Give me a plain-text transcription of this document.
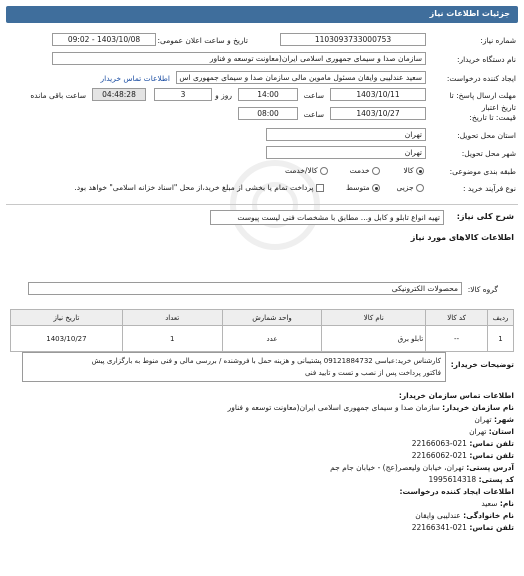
جزئیات اطلاعات نیاز
شماره نیاز:
1103093733000753
تاریخ و ساعت اعلان عمومی:
1403/10/08 - 09:02
نام دستگاه خریدار:
سازمان صدا و سیمای جمهوری اسلامی ایران(معاونت توسعه و فناور
ایجاد کننده درخواست:
سعید عندلیبی وایقان مسئول ماموین مالی سازمان صدا و سیمای جمهوری اس
اطلاعات تماس خریدار
مهلت ارسال پاسخ: تا
1403/10/11
ساعت
14:00
3	روز و
04:48:28
ساعت باقی مانده
تاریخ اعتبار
قیمت: تا تاریخ:
1403/10/27
ساعت
08:00
استان محل تحویل:
تهران
شهر محل تحویل:
تهران
طبقه بندی موضوعی:
کالا
خدمت
کالا/خدمت
نوع فرآیند خرید :
جزیی
متوسط
پرداخت تمام یا بخشی از مبلغ خرید،از محل "اسناد خزانه اسلامی" خواهد بود.
شرح کلی نیاز:
تهیه انواع تابلو و کابل و... مطابق با مشخصات فنی لیست پیوست
اطلاعات کالاهای مورد نیاز
گروه کالا:
محصولات الکترونیکی
ردیف	کد کالا	نام کالا	واحد شمارش	تعداد	تاریخ نیاز
1	--	تابلو برق	عدد	1	1403/10/27
توضیحات خریدار:
کارشناس خرید:عباسی 09121884732 پشتیبانی و هزینه حمل با فروشنده / بررسی مالی و فنی منوط به بارگزاری پیش
فاکتور پرداخت پس از نصب و تست و تایید فنی
اطلاعات تماس سازمان خریدار:
نام سازمان خریدار: سازمان صدا و سیمای جمهوری اسلامی ایران(معاونت توسعه و فناور
شهر: تهران
استان: تهران
تلفن تماس: 021-22166063
تلفن تماس: 021-22166062
آدرس پستی: تهران، خیابان ولیعصر(عج) - خیابان جام جم
کد پستی: 1995614318
اطلاعات ایجاد کننده درخواست:
نام: سعید
نام خانوادگی: عندلیبی وایقان
تلفن تماس: 021-22166341
